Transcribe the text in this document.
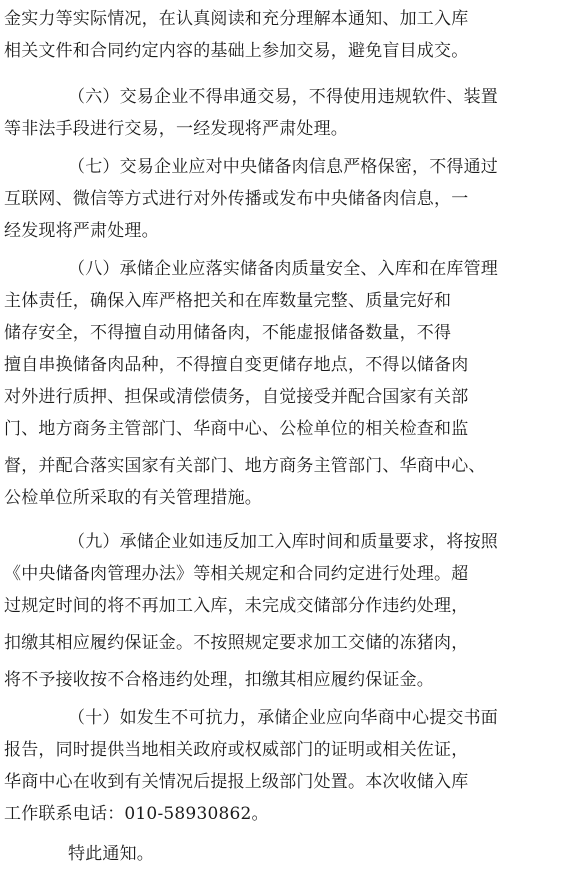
金实力等实际情况，在认真阅读和充分理解本通知、加工入库
相关文件和合同约定内容的基础上参加交易，避免盲目成交。
（六）交易企业不得串通交易，不得使用违规软件、装置
等非法手段进行交易，一经发现将严肃处理。
（七）交易企业应对中央储备肉信息严格保密，不得通过
互联网、微信等方式进行对外传播或发布中央储备肉信息，一
经发现将严肃处理。
（八）承储企业应落实储备肉质量安全、入库和在库管理
主体责任，确保入库严格把关和在库数量完整、质量完好和
储存安全，不得擅自动用储备肉，不能虚报储备数量，不得
擅自串换储备肉品种，不得擅自变更储存地点，不得以储备肉
对外进行质押、担保或清偿债务，自觉接受并配合国家有关部
门、地方商务主管部门、华商中心、公检单位的相关检查和监
督，并配合落实国家有关部门、地方商务主管部门、华商中心、
公检单位所采取的有关管理措施。
（九）承储企业如违反加工入库时间和质量要求，将按照
《中央储备肉管理办法》等相关规定和合同约定进行处理。超
过规定时间的将不再加工入库，未完成交储部分作违约处理，
扣缴其相应履约保证金。不按照规定要求加工交储的冻猪肉，
将不予接收按不合格违约处理，扣缴其相应履约保证金。
（十）如发生不可抗力，承储企业应向华商中心提交书面
报告，同时提供当地相关政府或权威部门的证明或相关佐证，
华商中心在收到有关情况后提报上级部门处置。本次收储入库
工作联系电话：010-58930862。
特此通知。
